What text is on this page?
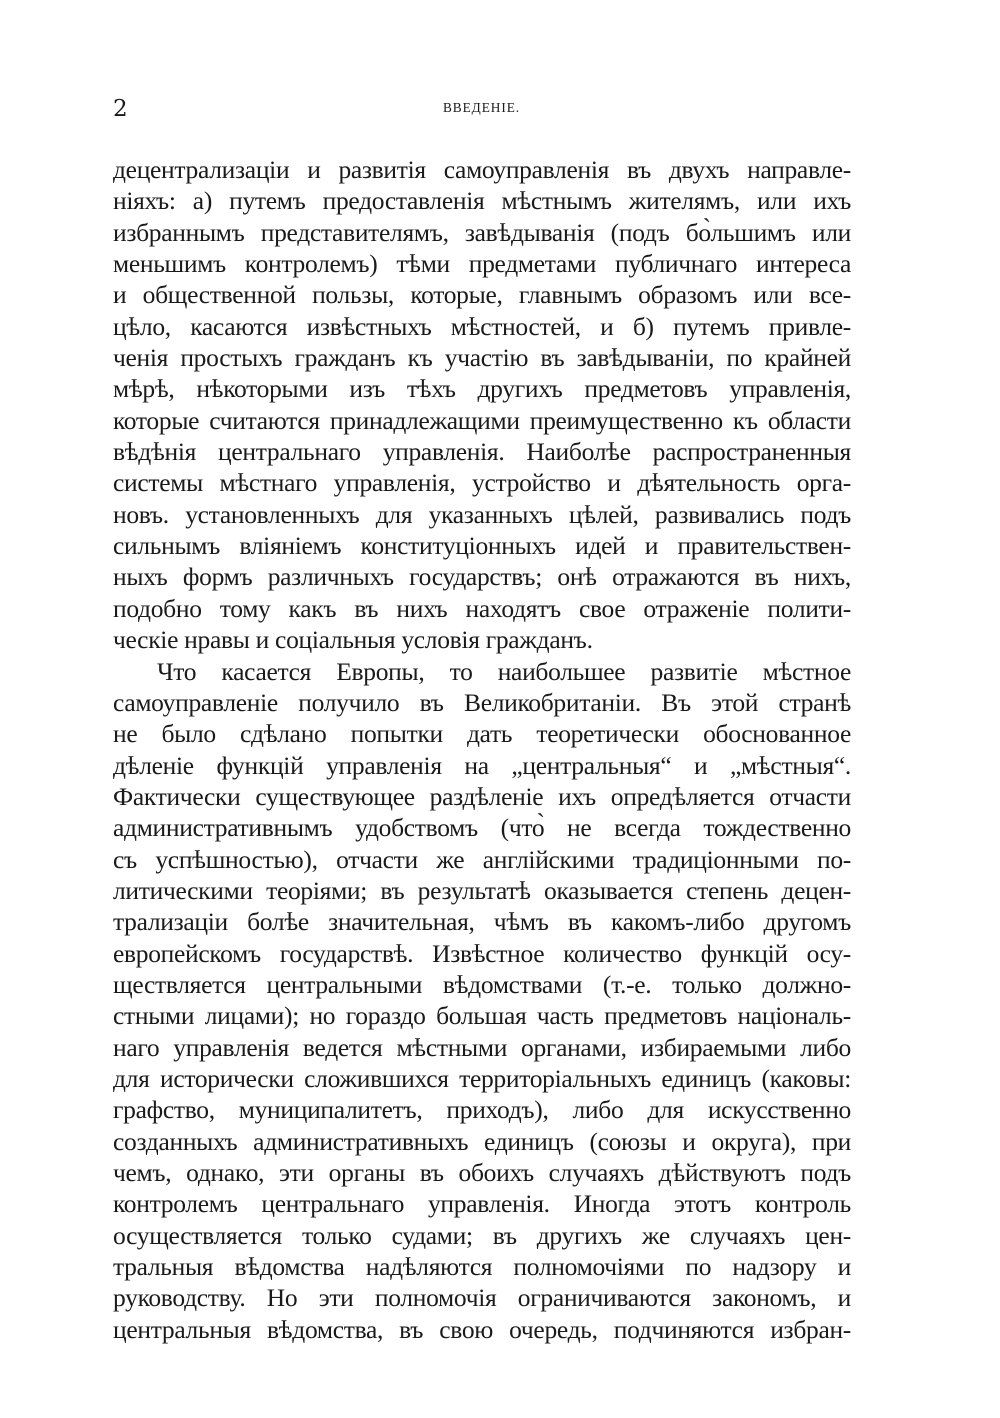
2	ВВЕДЕНІЕ.
децентрализаціи и развитія самоуправленія въ двухъ направле-
ніяхъ: а) путемъ предоставленія мѣстнымъ жителямъ, или ихъ
избраннымъ представителямъ, завѣдыванія (подъ бо̀льшимъ или
меньшимъ контролемъ) тѣми предметами публичнаго интереса
и общественной пользы, которые, главнымъ образомъ или все-
цѣло, касаются извѣстныхъ мѣстностей, и б) путемъ привле-
ченія простыхъ гражданъ къ участію въ завѣдываніи, по крайней
мѣрѣ, нѣкоторыми изъ тѣхъ другихъ предметовъ управленія,
которые считаются принадлежащими преимущественно къ области
вѣдѣнія центральнаго управленія. Наиболѣе распространенныя
системы мѣстнаго управленія, устройство и дѣятельность орга-
новъ. установленныхъ для указанныхъ цѣлей, развивались подъ
сильнымъ вліяніемъ конституціонныхъ идей и правительствен-
ныхъ формъ различныхъ государствъ; онѣ отражаются въ нихъ,
подобно тому какъ въ нихъ находятъ свое отраженіе полити-
ческіе нравы и соціальныя условія гражданъ.
Что касается Европы, то наибольшее развитіе мѣстное
самоуправленіе получило въ Великобританіи. Въ этой странѣ
не было сдѣлано попытки дать теоретически обоснованное
дѣленіе функцій управленія на „центральныя“ и „мѣстныя“.
Фактически существующее раздѣленіе ихъ опредѣляется отчасти
административнымъ удобствомъ (что̀ не всегда тождественно
съ успѣшностью), отчасти же англійскими традиціонными по-
литическими теоріями; въ результатѣ оказывается степень децен-
трализаціи болѣе значительная, чѣмъ въ какомъ-либо другомъ
европейскомъ государствѣ. Извѣстное количество функцій осу-
ществляется центральными вѣдомствами (т.-е. только должно-
стными лицами); но гораздо большая часть предметовъ національ-
наго управленія ведется мѣстными органами, избираемыми либо
для исторически сложившихся территоріальныхъ единицъ (каковы:
графство, муниципалитетъ, приходъ), либо для искусственно
созданныхъ административныхъ единицъ (союзы и округа), при
чемъ, однако, эти органы въ обоихъ случаяхъ дѣйствуютъ подъ
контролемъ центральнаго управленія. Иногда этотъ контроль
осуществляется только судами; въ другихъ же случаяхъ цен-
тральныя вѣдомства надѣляются полномочіями по надзору и
руководству. Но эти полномочія ограничиваются закономъ, и
центральныя вѣдомства, въ свою очередь, подчиняются избран-
